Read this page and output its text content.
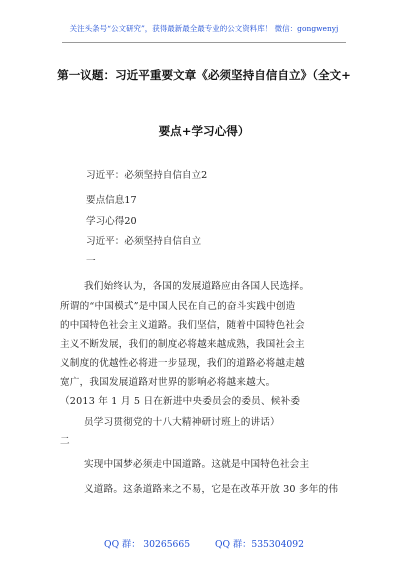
关注头条号“公文研究”，获得最新最全最专业的公文资料库！ 微信：gongwenyj
第一议题：习近平重要文章《必须坚持自信自立》（全文+
要点+学习心得）
习近平：必须坚持自信自立2
要点信息17
学习心得20
习近平：必须坚持自信自立
一
我们始终认为，各国的发展道路应由各国人民选择。
所谓的“中国模式”是中国人民在自己的奋斗实践中创造
的中国特色社会主义道路。我们坚信，随着中国特色社会
主义不断发展，我们的制度必将越来越成熟，我国社会主
义制度的优越性必将进一步显现，我们的道路必将越走越
宽广，我国发展道路对世界的影响必将越来越大。
（2013 年 1 月 5 日在新进中央委员会的委员、候补委
员学习贯彻党的十八大精神研讨班上的讲话）
二
实现中国梦必须走中国道路。这就是中国特色社会主
义道路。这条道路来之不易，它是在改革开放 30 多年的伟
QQ 群： 30265665	QQ 群：535304092
